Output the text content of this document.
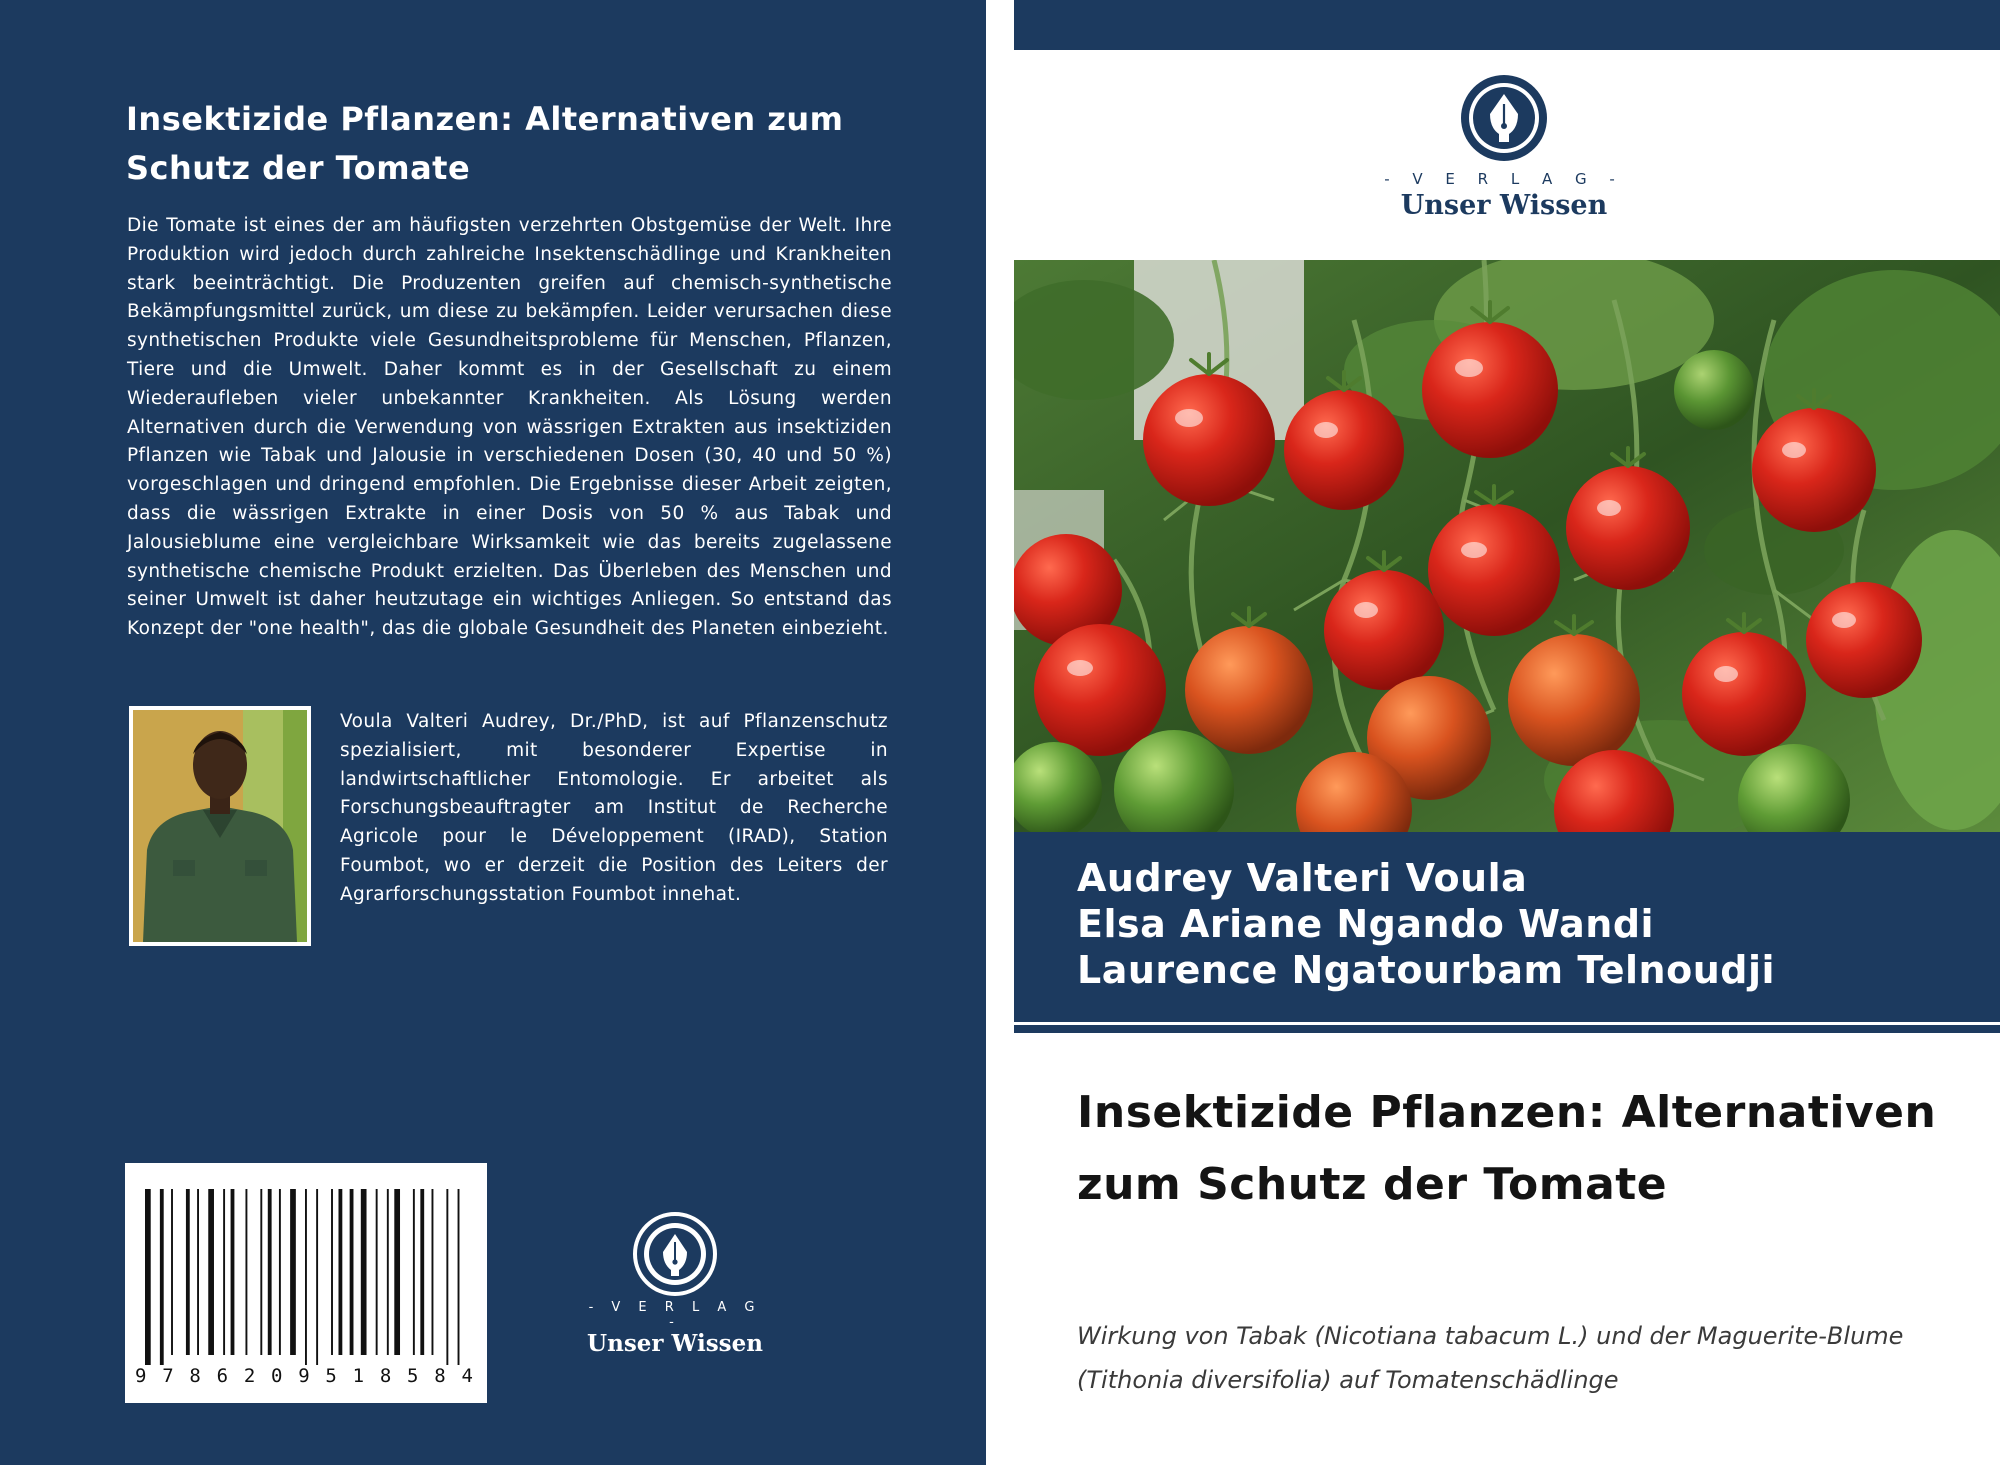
Insektizide Pflanzen: Alternativen zum Schutz der Tomate

Die Tomate ist eines der am häufigsten verzehrten Obstgemüse der Welt. Ihre Produktion wird jedoch durch zahlreiche Insektenschädlinge und Krankheiten stark beeinträchtigt. Die Produzenten greifen auf chemisch-synthetische Bekämpfungsmittel zurück, um diese zu bekämpfen. Leider verursachen diese synthetischen Produkte viele Gesundheitsprobleme für Menschen, Pflanzen, Tiere und die Umwelt. Daher kommt es in der Gesellschaft zu einem Wiederaufleben vieler unbekannter Krankheiten. Als Lösung werden Alternativen durch die Verwendung von wässrigen Extrakten aus insektiziden Pflanzen wie Tabak und Jalousie in verschiedenen Dosen (30, 40 und 50 %) vorgeschlagen und dringend empfohlen. Die Ergebnisse dieser Arbeit zeigten, dass die wässrigen Extrakte in einer Dosis von 50 % aus Tabak und Jalousieblume eine vergleichbare Wirksamkeit wie das bereits zugelassene synthetische chemische Produkt erzielten. Das Überleben des Menschen und seiner Umwelt ist daher heutzutage ein wichtiges Anliegen. So entstand das Konzept der "one health", das die globale Gesundheit des Planeten einbezieht.

Voula Valteri Audrey, Dr./PhD, ist auf Pflanzenschutz spezialisiert, mit besonderer Expertise in landwirtschaftlicher Entomologie. Er arbeitet als Forschungsbeauftragter am Institut de Recherche Agricole pour le Développement (IRAD), Station Foumbot, wo er derzeit die Position des Leiters der Agrarforschungsstation Foumbot innehat.

9 7 8 6 2 0 9 5 1 8 5 8 4
- V E R L A G -
Unser Wissen
- V E R L A G -
Unser Wissen
Audrey Valteri Voula
Elsa Ariane Ngando Wandi
Laurence Ngatourbam Telnoudji
Insektizide Pflanzen: Alternativen zum Schutz der Tomate

Wirkung von Tabak (Nicotiana tabacum L.) und der Maguerite-Blume (Tithonia diversifolia) auf Tomatenschädlinge
